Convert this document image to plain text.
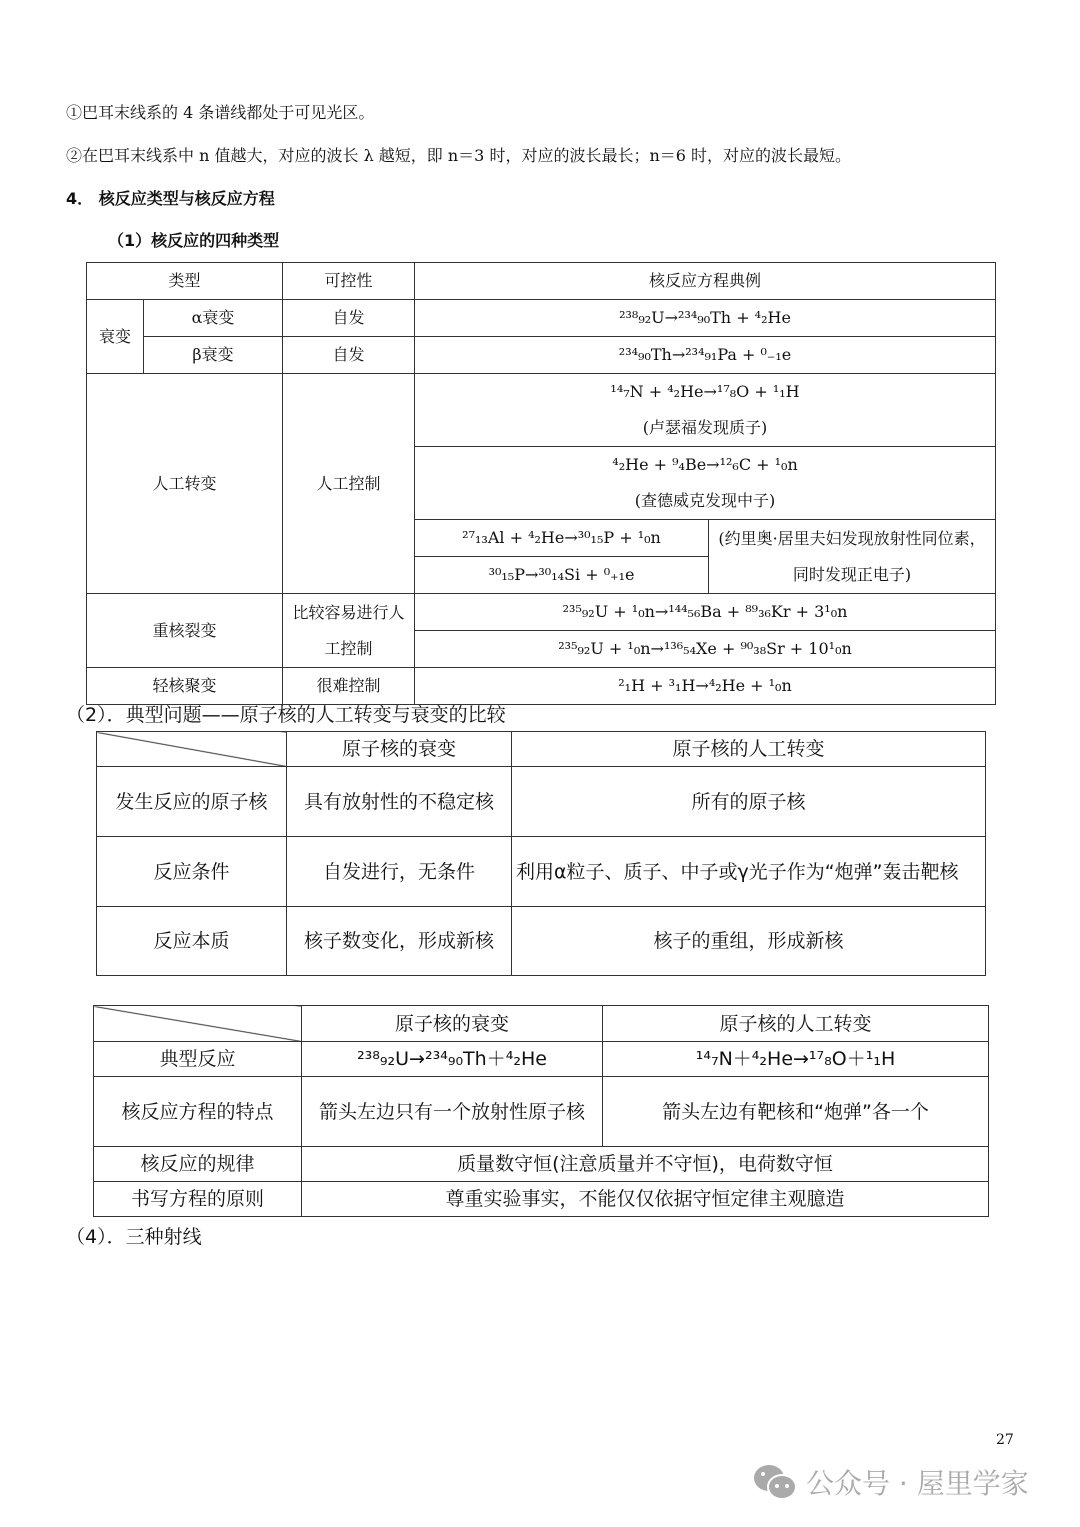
①巴耳末线系的 4 条谱线都处于可见光区。
②在巴耳末线系中 n 值越大，对应的波长 λ 越短，即 n＝3 时，对应的波长最长；n＝6 时，对应的波长最短。
4． 核反应类型与核反应方程
（1）核反应的四种类型
类型		可控性	核反应方程典例	
衰变	α衰变	自发	²³⁸₉₂U→²³⁴₉₀Th + ⁴₂He	
	β衰变	自发	²³⁴₉₀Th→²³⁴₉₁Pa + ⁰₋₁e	
人工转变		人工控制	¹⁴₇N + ⁴₂He→¹⁷₈O + ¹₁H
(卢瑟福发现质子)	

			⁴₂He + ⁹₄Be→¹²₆C + ¹₀n
(查德威克发现中子)	

			²⁷₁₃Al + ⁴₂He→³⁰₁₅P + ¹₀n	(约里奥·居里夫妇发现放射性同位素，同时发现正电子)
			³⁰₁₅P→³⁰₁₄Si + ⁰₊₁e	
重核裂变		比较容易进行人工控制	²³⁵₉₂U + ¹₀n→¹⁴⁴₅₆Ba + ⁸⁹₃₆Kr + 3¹₀n	
			²³⁵₉₂U + ¹₀n→¹³⁶₅₄Xe + ⁹⁰₃₈Sr + 10¹₀n	
轻核聚变		很难控制	²₁H + ³₁H→⁴₂He + ¹₀n	
（2）．典型问题——原子核的人工转变与衰变的比较
	原子核的衰变	原子核的人工转变
发生反应的原子核	具有放射性的不稳定核	所有的原子核
反应条件	自发进行，无条件	利用α粒子、质子、中子或γ光子作为“炮弹”轰击靶核
反应本质	核子数变化，形成新核	核子的重组，形成新核
	原子核的衰变	原子核的人工转变
典型反应	²³⁸₉₂U→²³⁴₉₀Th＋⁴₂He	¹⁴₇N＋⁴₂He→¹⁷₈O＋¹₁H
核反应方程的特点	箭头左边只有一个放射性原子核	箭头左边有靶核和“炮弹”各一个
核反应的规律	质量数守恒(注意质量并不守恒)，电荷数守恒	
书写方程的原则	尊重实验事实，不能仅仅依据守恒定律主观臆造	
（4）．三种射线
27
公众号 · 屋里学家
